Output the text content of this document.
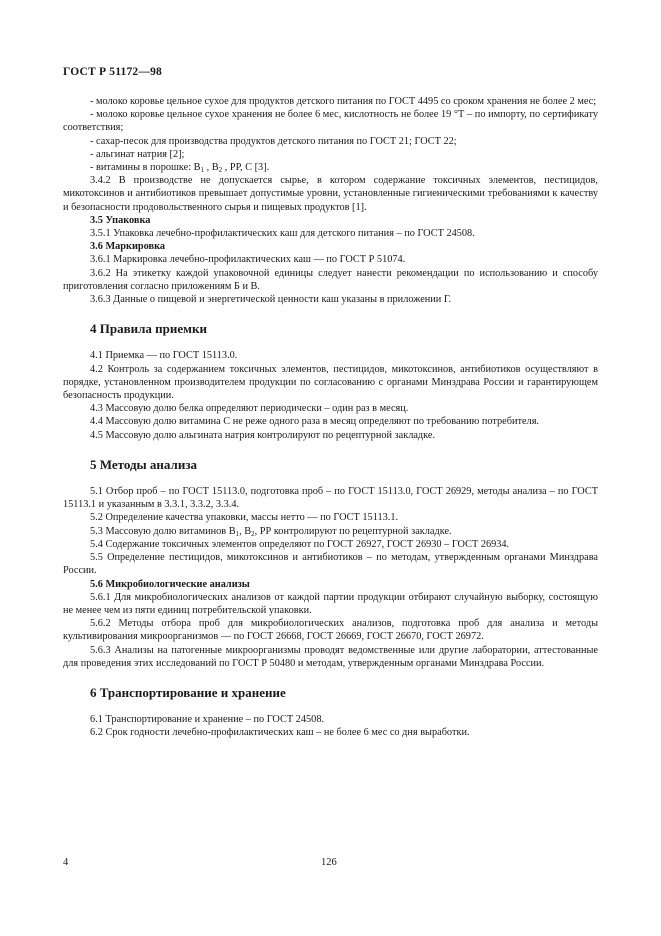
ГОСТ Р 51172—98

- молоко коровье цельное сухое для продуктов детского питания по ГОСТ 4495 со сроком хранения не более 2 мес;

- молоко коровье цельное сухое хранения не более 6 мес, кислотность не более 19 °Т – по импорту, по сертификату соответствия;

- сахар-песок для производства продуктов детского питания по ГОСТ 21; ГОСТ 22;

- альгинат натрия [2];

- витамины в порошке: $В_1$ , $В_2$ , РР, С [3].

3.4.2 В производстве не допускается сырье, в котором содержание токсичных элементов, пестицидов, микотоксинов и антибиотиков превышает допустимые уровни, установленные гигиеническими требованиями к качеству и безопасности продовольственного сырья и пищевых продуктов [1].

3.5 Упаковка

3.5.1 Упаковка лечебно-профилактических каш для детского питания – по ГОСТ 24508.

3.6 Маркировка

3.6.1 Маркировка лечебно-профилактических каш — по ГОСТ Р 51074.

3.6.2 На этикетку каждой упаковочной единицы следует нанести рекомендации по использованию и способу приготовления согласно приложениям Б и В.

3.6.3 Данные о пищевой и энергетической ценности каш указаны в приложении Г.

4 Правила приемки

4.1 Приемка — по ГОСТ 15113.0.

4.2 Контроль за содержанием токсичных элементов, пестицидов, микотоксинов, антибиотиков осуществляют в порядке, установленном производителем продукции по согласованию с органами Минздрава России и гарантирующем безопасность продукции.

4.3 Массовую долю белка определяют периодически – один раз в месяц.

4.4 Массовую долю витамина С не реже одного раза в месяц определяют по требованию потребителя.

4.5 Массовую долю альгината натрия контролируют по рецептурной закладке.

5 Методы анализа

5.1 Отбор проб – по ГОСТ 15113.0, подготовка проб – по ГОСТ 15113.0, ГОСТ 26929, методы анализа – по ГОСТ 15113.1 и указанным в 3.3.1, 3.3.2, 3.3.4.

5.2 Определение качества упаковки, массы нетто — по ГОСТ 15113.1.

5.3 Массовую долю витаминов $В_1$, $В_2$, РР контролируют по рецептурной закладке.

5.4 Содержание токсичных элементов определяют по ГОСТ 26927, ГОСТ 26930 – ГОСТ 26934.

5.5 Определение пестицидов, микотоксинов и антибиотиков – по методам, утвержденным органами Минздрава России.

5.6 Микробиологические анализы

5.6.1 Для микробиологических анализов от каждой партии продукции отбирают случайную выборку, состоящую не менее чем из пяти единиц потребительской упаковки.

5.6.2 Методы отбора проб для микробиологических анализов, подготовка проб для анализа и методы культивирования микроорганизмов — по ГОСТ 26668, ГОСТ 26669, ГОСТ 26670, ГОСТ 26972.

5.6.3 Анализы на патогенные микроорганизмы проводят ведомственные или другие лаборатории, аттестованные для проведения этих исследований по ГОСТ Р 50480 и методам, утвержденным органами Минздрава России.

6 Транспортирование и хранение

6.1 Транспортирование и хранение – по ГОСТ 24508.

6.2 Срок годности лечебно-профилактических каш – не более 6 мес со дня выработки.

4	126
